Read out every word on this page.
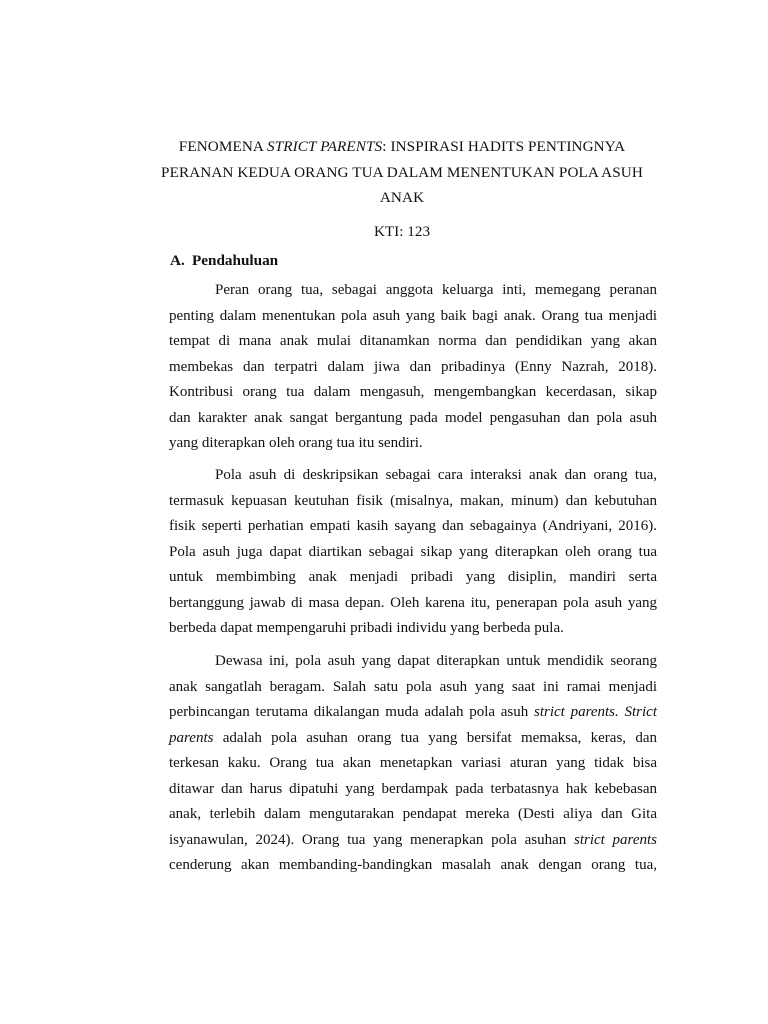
FENOMENA STRICT PARENTS: INSPIRASI HADITS PENTINGNYA
PERANAN KEDUA ORANG TUA DALAM MENENTUKAN POLA ASUH
ANAK
KTI: 123
A. Pendahuluan
Peran orang tua, sebagai anggota keluarga inti, memegang peranan
penting dalam menentukan pola asuh yang baik bagi anak. Orang tua menjadi
tempat di mana anak mulai ditanamkan norma dan pendidikan yang akan
membekas dan terpatri dalam jiwa dan pribadinya (Enny Nazrah, 2018).
Kontribusi orang tua dalam mengasuh, mengembangkan kecerdasan, sikap
dan karakter anak sangat bergantung pada model pengasuhan dan pola asuh
yang diterapkan oleh orang tua itu sendiri.
Pola asuh di deskripsikan sebagai cara interaksi anak dan orang tua,
termasuk kepuasan keutuhan fisik (misalnya, makan, minum) dan kebutuhan
fisik seperti perhatian empati kasih sayang dan sebagainya (Andriyani, 2016).
Pola asuh juga dapat diartikan sebagai sikap yang diterapkan oleh orang tua
untuk membimbing anak menjadi pribadi yang disiplin, mandiri serta
bertanggung jawab di masa depan. Oleh karena itu, penerapan pola asuh yang
berbeda dapat mempengaruhi pribadi individu yang berbeda pula.
Dewasa ini, pola asuh yang dapat diterapkan untuk mendidik seorang
anak sangatlah beragam. Salah satu pola asuh yang saat ini ramai menjadi
perbincangan terutama dikalangan muda adalah pola asuh strict parents. Strict
parents adalah pola asuhan orang tua yang bersifat memaksa, keras, dan
terkesan kaku. Orang tua akan menetapkan variasi aturan yang tidak bisa
ditawar dan harus dipatuhi yang berdampak pada terbatasnya hak kebebasan
anak, terlebih dalam mengutarakan pendapat mereka (Desti aliya dan Gita
isyanawulan, 2024). Orang tua yang menerapkan pola asuhan strict parents
cenderung akan membanding-bandingkan masalah anak dengan orang tua,
